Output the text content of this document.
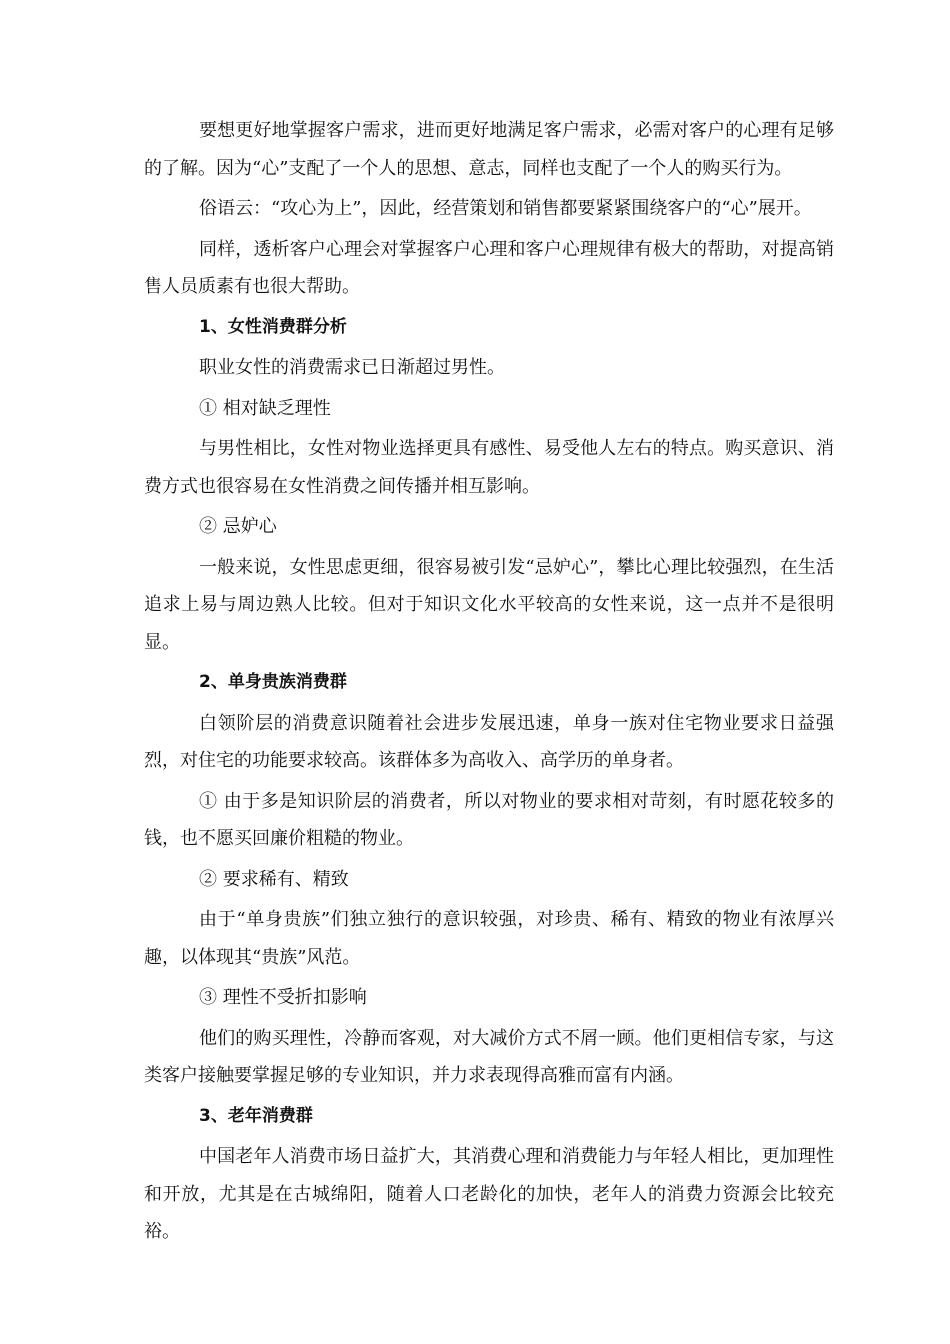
要想更好地掌握客户需求，进而更好地满足客户需求，必需对客户的心理有足够的了解。因为“心”支配了一个人的思想、意志，同样也支配了一个人的购买行为。

俗语云：“攻心为上”，因此，经营策划和销售都要紧紧围绕客户的“心”展开。

同样，透析客户心理会对掌握客户心理和客户心理规律有极大的帮助，对提高销售人员质素有也很大帮助。

1、女性消费群分析

职业女性的消费需求已日渐超过男性。

① 相对缺乏理性

与男性相比，女性对物业选择更具有感性、易受他人左右的特点。购买意识、消费方式也很容易在女性消费之间传播并相互影响。

② 忌妒心

一般来说，女性思虑更细，很容易被引发“忌妒心”，攀比心理比较强烈，在生活追求上易与周边熟人比较。但对于知识文化水平较高的女性来说，这一点并不是很明显。

2、单身贵族消费群

白领阶层的消费意识随着社会进步发展迅速，单身一族对住宅物业要求日益强烈，对住宅的功能要求较高。该群体多为高收入、高学历的单身者。

① 由于多是知识阶层的消费者，所以对物业的要求相对苛刻，有时愿花较多的钱，也不愿买回廉价粗糙的物业。

② 要求稀有、精致

由于“单身贵族”们独立独行的意识较强，对珍贵、稀有、精致的物业有浓厚兴趣，以体现其“贵族”风范。

③ 理性不受折扣影响

他们的购买理性，冷静而客观，对大减价方式不屑一顾。他们更相信专家，与这类客户接触要掌握足够的专业知识，并力求表现得高雅而富有内涵。

3、老年消费群

中国老年人消费市场日益扩大，其消费心理和消费能力与年轻人相比，更加理性和开放，尤其是在古城绵阳，随着人口老龄化的加快，老年人的消费力资源会比较充裕。
